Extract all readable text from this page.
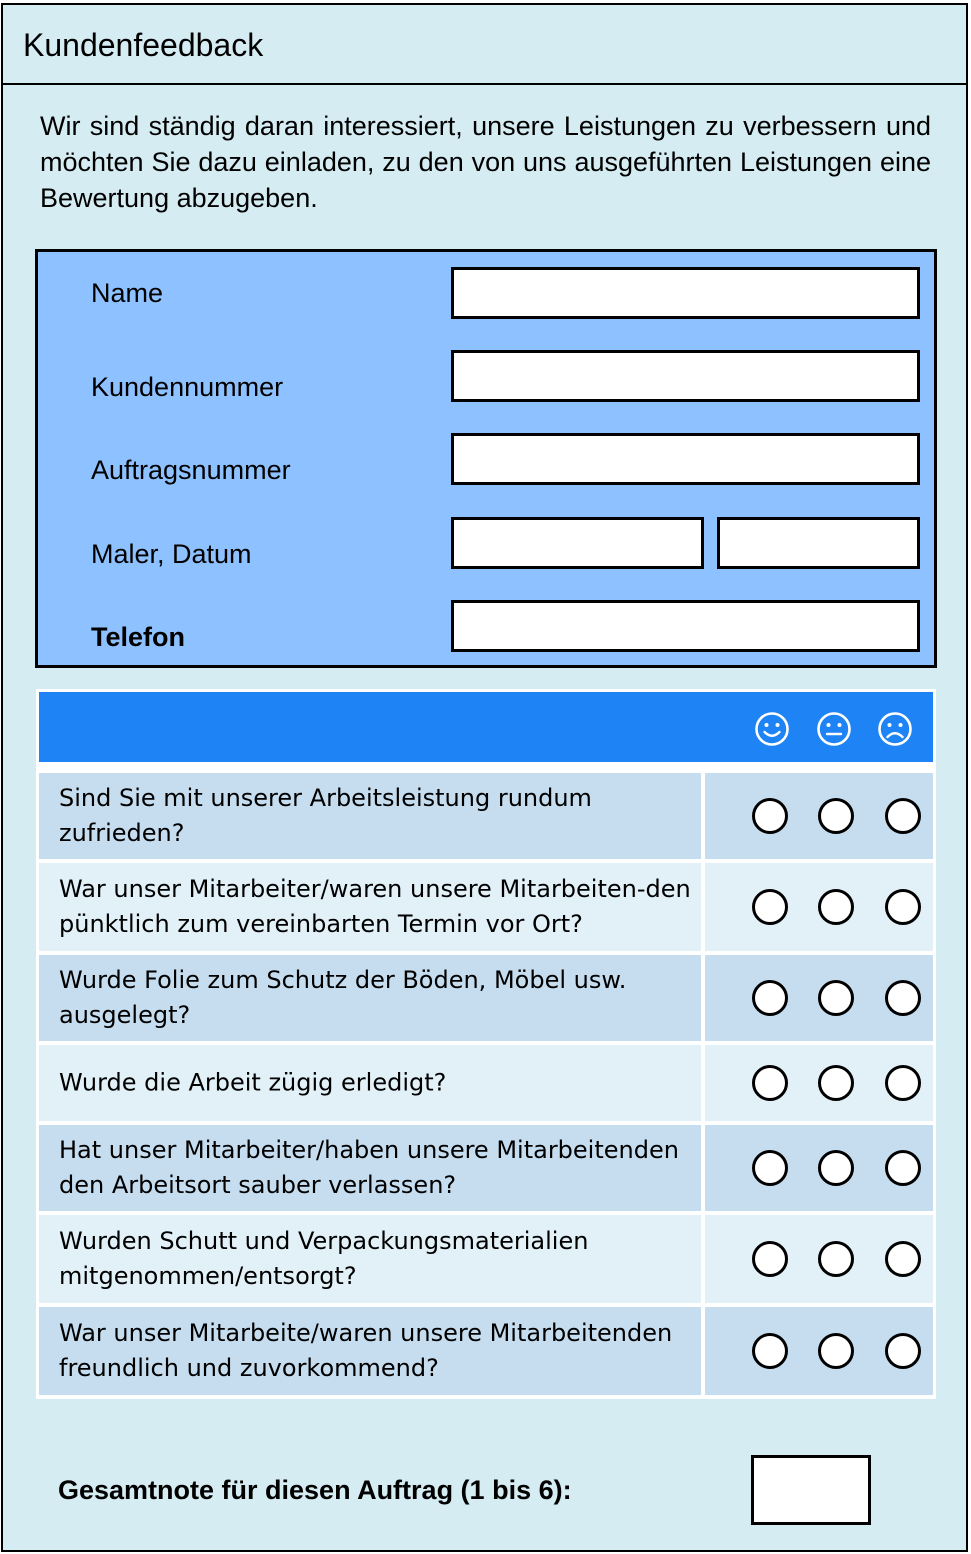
Kundenfeedback
Wir sind ständig daran interessiert, unsere Leistungen zu verbessern und möchten Sie dazu einladen, zu den von uns ausgeführten Leistungen eine Bewertung abzugeben.
Name
Kundennummer
Auftragsnummer
Maler, Datum
Telefon
Sind Sie mit unserer Arbeitsleistung rundum zufrieden?
War unser Mitarbeiter/waren unsere Mitarbeiten-den pünktlich zum vereinbarten Termin vor Ort?
Wurde Folie zum Schutz der Böden, Möbel usw. ausgelegt?
Wurde die Arbeit zügig erledigt?
Hat unser Mitarbeiter/haben unsere Mitarbeitenden den Arbeitsort sauber verlassen?
Wurden Schutt und Verpackungsmaterialien mitgenommen/entsorgt?
War unser Mitarbeite/waren unsere Mitarbeitenden freundlich und zuvorkommend?
Gesamtnote für diesen Auftrag (1 bis 6):
